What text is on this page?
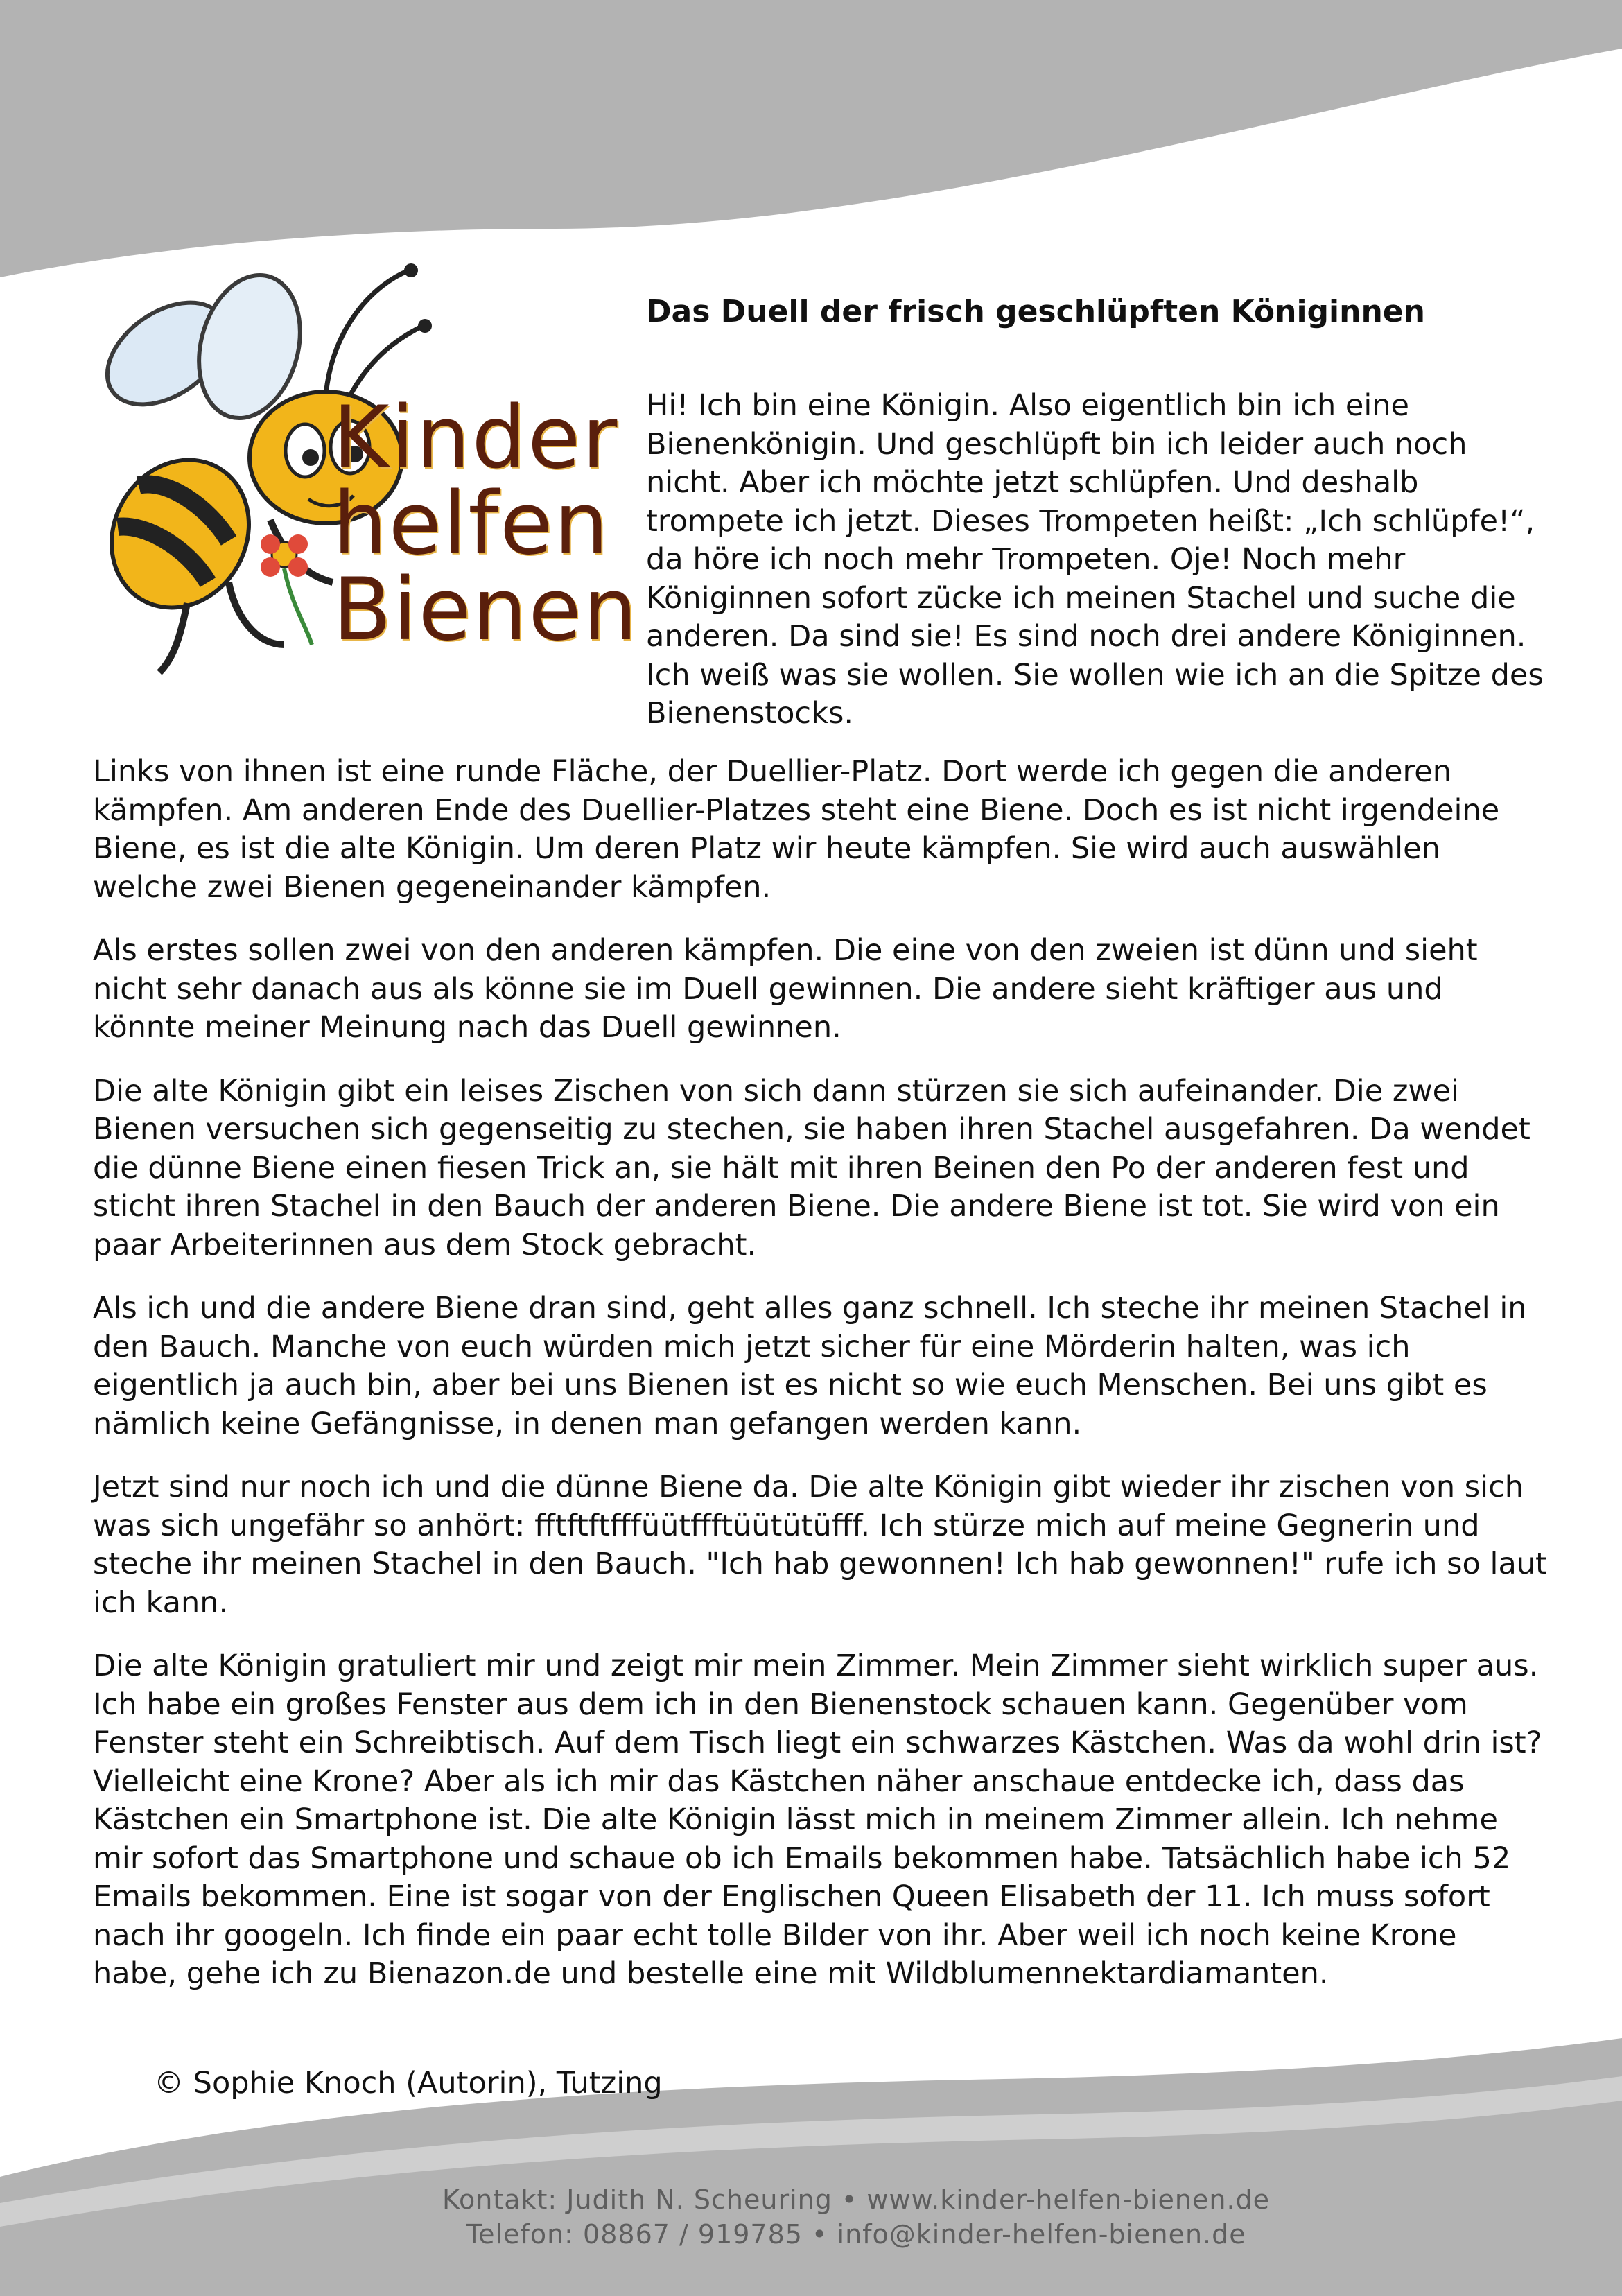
Kinder
helfen
Bienen
Das Duell der frisch geschlüpften Königinnen

Hi! Ich bin eine Königin. Also eigentlich bin ich eine Bienenkönigin. Und geschlüpft bin ich leider auch noch nicht. Aber ich möchte jetzt schlüpfen. Und deshalb trompete ich jetzt. Dieses Trompeten heißt: „Ich schlüpfe!“, da höre ich noch mehr Trompeten. Oje! Noch mehr Königinnen sofort zücke ich meinen Stachel und suche die anderen. Da sind sie! Es sind noch drei andere Königinnen. Ich weiß was sie wollen. Sie wollen wie ich an die Spitze des Bienenstocks.

Links von ihnen ist eine runde Fläche, der Duellier-Platz. Dort werde ich gegen die anderen kämpfen. Am anderen Ende des Duellier-Platzes steht eine Biene. Doch es ist nicht irgendeine Biene, es ist die alte Königin. Um deren Platz wir heute kämpfen. Sie wird auch auswählen welche zwei Bienen gegeneinander kämpfen.

Als erstes sollen zwei von den anderen kämpfen. Die eine von den zweien ist dünn und sieht nicht sehr danach aus als könne sie im Duell gewinnen. Die andere sieht kräftiger aus und könnte meiner Meinung nach das Duell gewinnen.

Die alte Königin gibt ein leises Zischen von sich dann stürzen sie sich aufeinander. Die zwei Bienen versuchen sich gegenseitig zu stechen, sie haben ihren Stachel ausgefahren. Da wendet die dünne Biene einen fiesen Trick an, sie hält mit ihren Beinen den Po der anderen fest und sticht ihren Stachel in den Bauch der anderen Biene. Die andere Biene ist tot. Sie wird von ein paar Arbeiterinnen aus dem Stock gebracht.

Als ich und die andere Biene dran sind, geht alles ganz schnell. Ich steche ihr meinen Stachel in den Bauch. Manche von euch würden mich jetzt sicher für eine Mörderin halten, was ich eigentlich ja auch bin, aber bei uns Bienen ist es nicht so wie euch Menschen. Bei uns gibt es nämlich keine Gefängnisse, in denen man gefangen werden kann.

Jetzt sind nur noch ich und die dünne Biene da. Die alte Königin gibt wieder ihr zischen von sich was sich ungefähr so anhört: fftftftfffüütffftüütütüfff. Ich stürze mich auf meine Gegnerin und steche ihr meinen Stachel in den Bauch. "Ich hab gewonnen! Ich hab gewonnen!" rufe ich so laut ich kann.

Die alte Königin gratuliert mir und zeigt mir mein Zimmer. Mein Zimmer sieht wirklich super aus. Ich habe ein großes Fenster aus dem ich in den Bienenstock schauen kann. Gegenüber vom Fenster steht ein Schreibtisch. Auf dem Tisch liegt ein schwarzes Kästchen. Was da wohl drin ist? Vielleicht eine Krone? Aber als ich mir das Kästchen näher anschaue entdecke ich, dass das Kästchen ein Smartphone ist. Die alte Königin lässt mich in meinem Zimmer allein. Ich nehme mir sofort das Smartphone und schaue ob ich Emails bekommen habe. Tatsächlich habe ich 52 Emails bekommen. Eine ist sogar von der Englischen Queen Elisabeth der 11. Ich muss sofort nach ihr googeln. Ich finde ein paar echt tolle Bilder von ihr. Aber weil ich noch keine Krone habe, gehe ich zu Bienazon.de und bestelle eine mit Wildblumennektardiamanten.

© Sophie Knoch (Autorin), Tutzing

Kontakt: Judith N. Scheuring • www.kinder-helfen-bienen.de
Telefon: 08867 / 919785 • info@kinder-helfen-bienen.de
